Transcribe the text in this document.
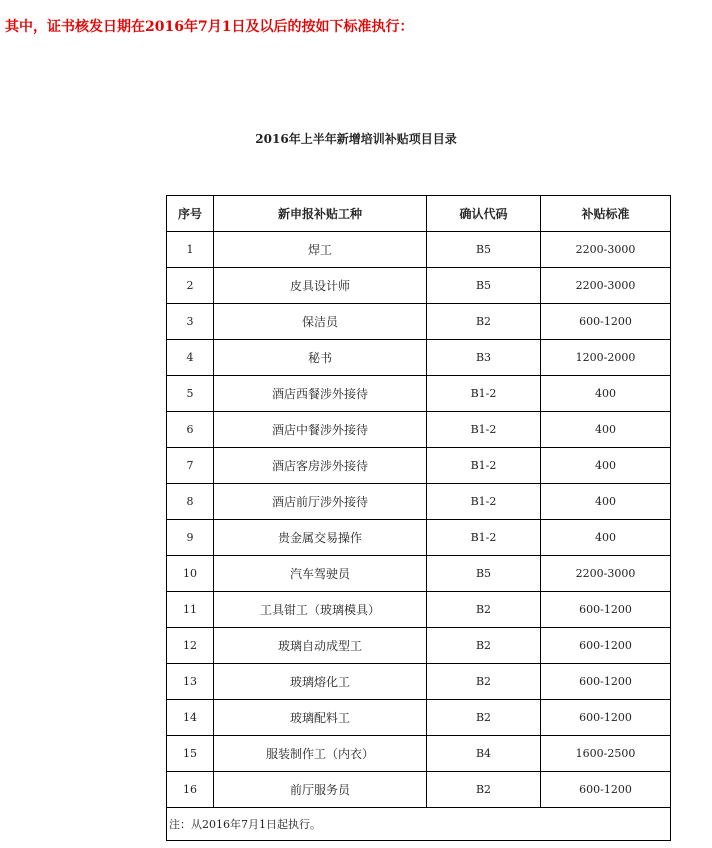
其中，证书核发日期在2016年7月1日及以后的按如下标准执行：
2016年上半年新增培训补贴项目目录
序号	新申报补贴工种	确认代码	补贴标准
1	焊工	B5	2200-3000
2	皮具设计师	B5	2200-3000
3	保洁员	B2	600-1200
4	秘书	B3	1200-2000
5	酒店西餐涉外接待	B1-2	400
6	酒店中餐涉外接待	B1-2	400
7	酒店客房涉外接待	B1-2	400
8	酒店前厅涉外接待	B1-2	400
9	贵金属交易操作	B1-2	400
10	汽车驾驶员	B5	2200-3000
11	工具钳工（玻璃模具）	B2	600-1200
12	玻璃自动成型工	B2	600-1200
13	玻璃熔化工	B2	600-1200
14	玻璃配料工	B2	600-1200
15	服装制作工（内衣）	B4	1600-2500
16	前厅服务员	B2	600-1200
注：从2016年7月1日起执行。			
